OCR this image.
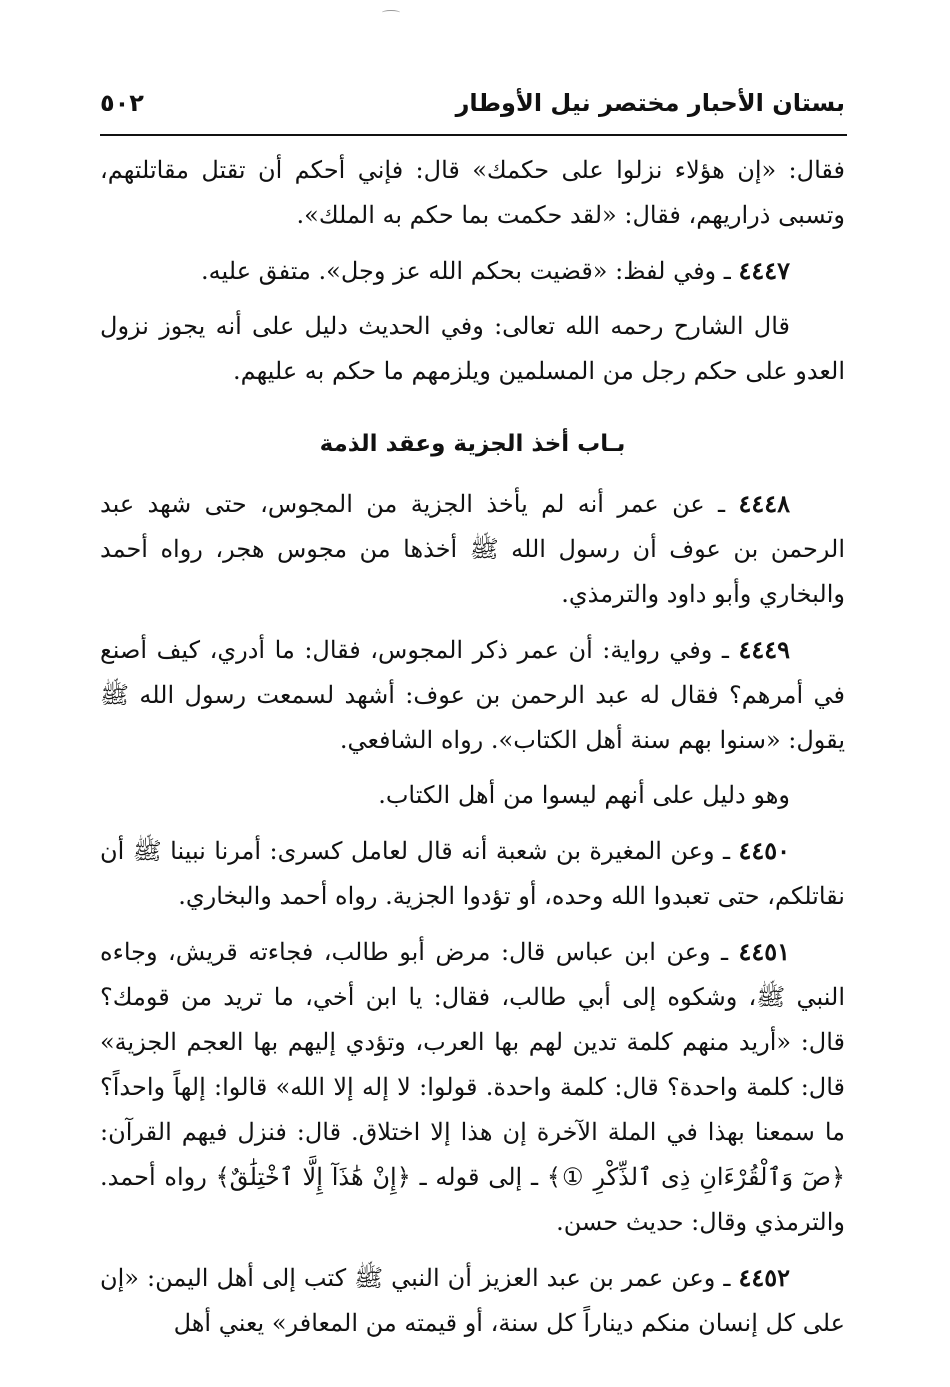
بستان الأحبار مختصر نيل الأوطار
٥٠٢

فقال: «إن هؤلاء نزلوا على حكمك» قال: فإني أحكم أن تقتل مقاتلتهم، وتسبى ذراريهم، فقال: «لقد حكمت بما حكم به الملك».

٤٤٤٧ ـ وفي لفظ: «قضيت بحكم الله عز وجل». متفق عليه.

قال الشارح رحمه الله تعالى: وفي الحديث دليل على أنه يجوز نزول العدو على حكم رجل من المسلمين ويلزمهم ما حكم به عليهم.

بـاب أخذ الجزية وعقد الذمة

٤٤٤٨ ـ عن عمر أنه لم يأخذ الجزية من المجوس، حتى شهد عبد الرحمن بن عوف أن رسول الله ﷺ أخذها من مجوس هجر، رواه أحمد والبخاري وأبو داود والترمذي.

٤٤٤٩ ـ وفي رواية: أن عمر ذكر المجوس، فقال: ما أدري، كيف أصنع في أمرهم؟ فقال له عبد الرحمن بن عوف: أشهد لسمعت رسول الله ﷺ يقول: «سنوا بهم سنة أهل الكتاب». رواه الشافعي.

وهو دليل على أنهم ليسوا من أهل الكتاب.

٤٤٥٠ ـ وعن المغيرة بن شعبة أنه قال لعامل كسرى: أمرنا نبينا ﷺ أن نقاتلكم، حتى تعبدوا الله وحده، أو تؤدوا الجزية. رواه أحمد والبخاري.

٤٤٥١ ـ وعن ابن عباس قال: مرض أبو طالب، فجاءته قريش، وجاءه النبي ﷺ، وشكوه إلى أبي طالب، فقال: يا ابن أخي، ما تريد من قومك؟ قال: «أريد منهم كلمة تدين لهم بها العرب، وتؤدي إليهم بها العجم الجزية» قال: كلمة واحدة؟ قال: كلمة واحدة. قولوا: لا إله إلا الله» قالوا: إلهاً واحداً؟ ما سمعنا بهذا في الملة الآخرة إن هذا إلا اختلاق. قال: فنزل فيهم القرآن: ﴿صٓ وَٱلْقُرْءَانِ ذِى ٱلذِّكْرِ ①﴾ ـ إلى قوله ـ ﴿إِنْ هَٰذَآ إِلَّا ٱخْتِلَٰقٌ﴾ رواه أحمد. والترمذي وقال: حديث حسن.

٤٤٥٢ ـ وعن عمر بن عبد العزيز أن النبي ﷺ كتب إلى أهل اليمن: «إن على كل إنسان منكم ديناراً كل سنة، أو قيمته من المعافر» يعني أهل
